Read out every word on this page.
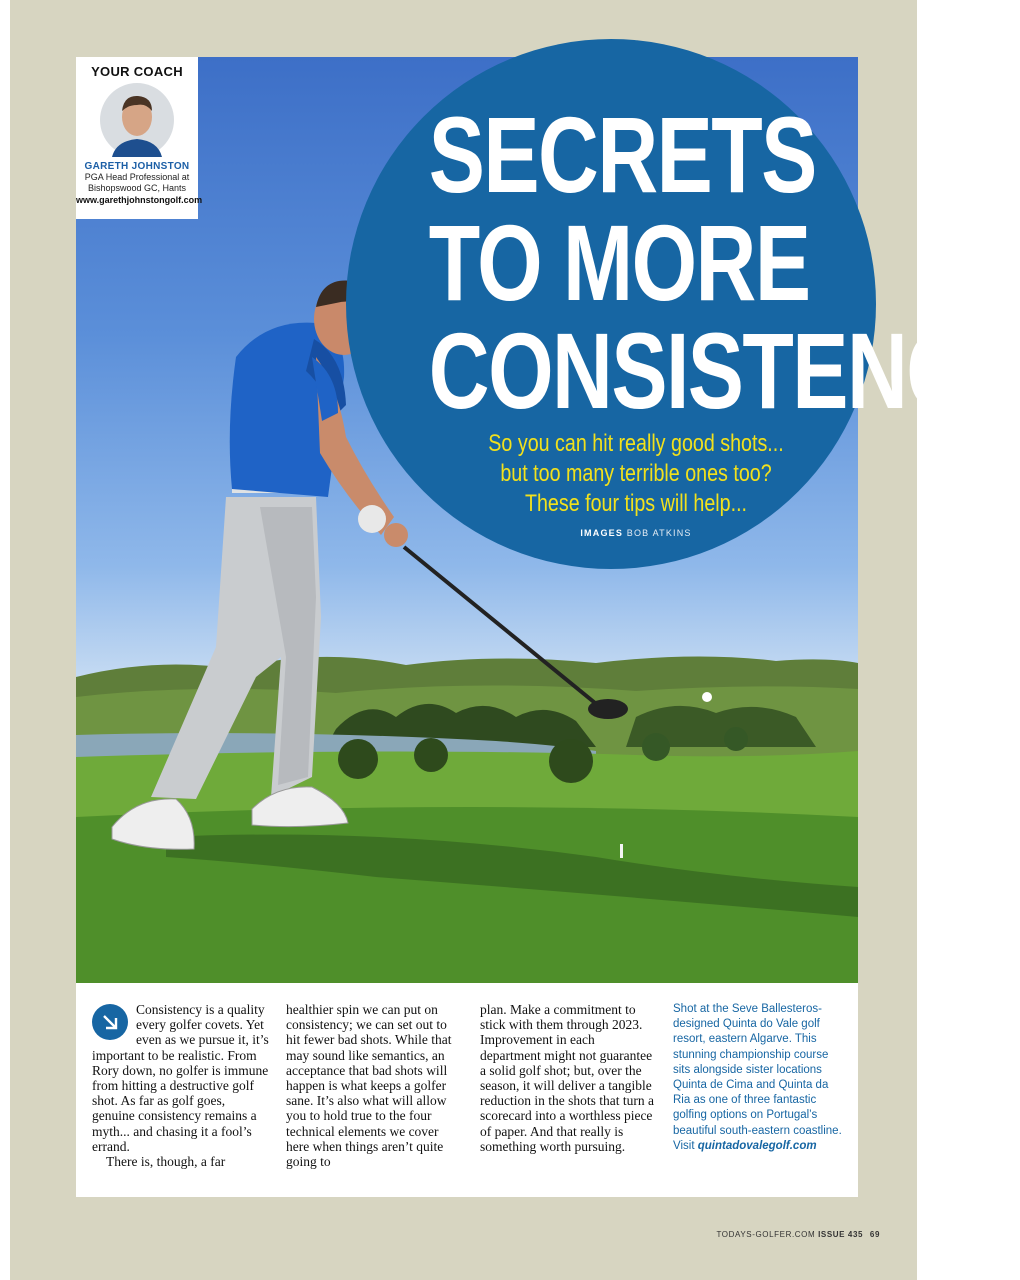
YOUR COACH
GARETH JOHNSTON
PGA Head Professional at
Bishopswood GC, Hants
www.garethjohnstongolf.com SECRETS
TO MORE
CONSISTENCY
So you can hit really good shots...
but too many terrible ones too?
These four tips will help...
IMAGES BOB ATKINS

Consistency is a quality every golfer covets. Yet even as we pursue it, it’s important to be realistic. From Rory down, no golfer is immune from hitting a destructive golf shot. As far as golf goes, genuine consistency remains a myth... and chasing it a fool’s errand.

There is, though, a far

healthier spin we can put on consistency; we can set out to hit fewer bad shots. While that may sound like semantics, an acceptance that bad shots will happen is what keeps a golfer sane. It’s also what will allow you to hold true to the four technical elements we cover here when things aren’t quite going to

plan. Make a commitment to stick with them through 2023. Improvement in each department might not guarantee a solid golf shot; but, over the season, it will deliver a tangible reduction in the shots that turn a scorecard into a worthless piece of paper. And that really is something worth pursuing.

Shot at the Seve Ballesteros-designed Quinta do Vale golf resort, eastern Algarve. This stunning championship course sits alongside sister locations Quinta de Cima and Quinta da Ria as one of three fantastic golfing options on Portugal’s beautiful south-eastern coastline. Visit quintadovalegolf.com
TODAYS-GOLFER.COM ISSUE 435 69
